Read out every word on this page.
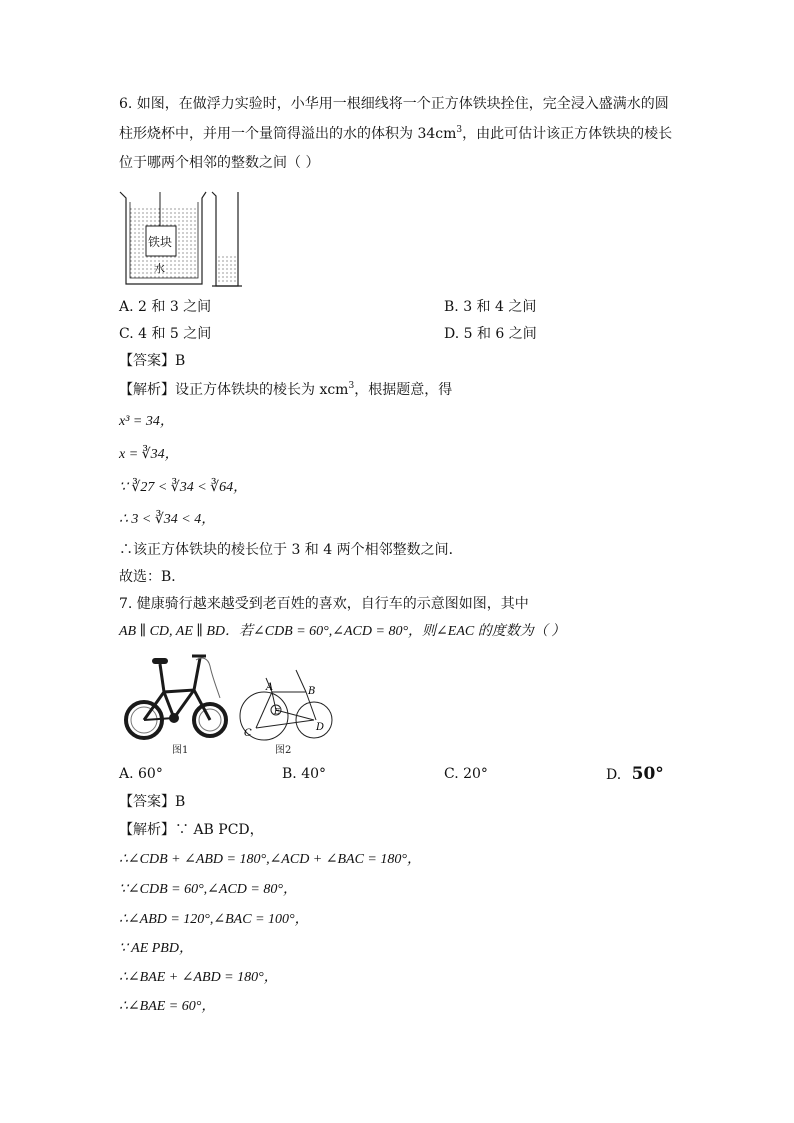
6. 如图，在做浮力实验时，小华用一根细线将一个正方体铁块拴住，完全浸入盛满水的圆
柱形烧杯中，并用一个量筒得溢出的水的体积为 $34cm^3$，由此可估计该正方体铁块的棱长
位于哪两个相邻的整数之间（ ）
铁块
水
A. 2 和 3 之间	B. 3 和 4 之间
C. 4 和 5 之间	D. 5 和 6 之间
【答案】B
【解析】设正方体铁块的棱长为 xcm$^3$，根据题意，得
x³ = 34，
x = ∛34，
∵ ∛27 < ∛34 < ∛64，
∴ 3 < ∛34 < 4，
∴该正方体铁块的棱长位于 3 和 4 两个相邻整数之间．
故选：B．
7. 健康骑行越来越受到老百姓的喜欢，自行车的示意图如图，其中
AB ∥ CD, AE ∥ BD．若∠CDB = 60°,∠ACD = 80°，则∠EAC 的度数为（ ）
图1
A	B
C
D
E
图2
A. 60°	B. 40°	C. 20°	D. 50°
【答案】B
【解析】∵ AB PCD，
∴∠CDB + ∠ABD = 180°,∠ACD + ∠BAC = 180°，
∵∠CDB = 60°,∠ACD = 80°，
∴∠ABD = 120°,∠BAC = 100°，
∵ AE PBD，
∴∠BAE + ∠ABD = 180°，
∴∠BAE = 60°，
